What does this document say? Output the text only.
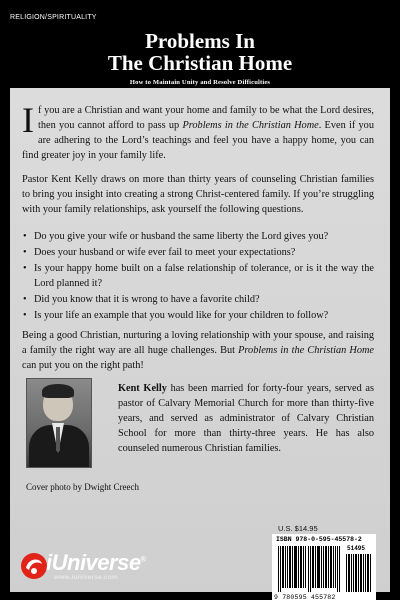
RELIGION/SPIRITUALITY
Problems In
The Christian Home
How to Maintain Unity and Resolve Difficulties
If you are a Christian and want your home and family to be what the Lord desires, then you cannot afford to pass up Problems in the Christian Home. Even if you are adhering to the Lord’s teachings and feel you have a happy home, you can find greater joy in your family life.
Pastor Kent Kelly draws on more than thirty years of counseling Christian families to bring you insight into creating a strong Christ-centered family. If you’re struggling with your family relationships, ask yourself the following questions.
• Do you give your wife or husband the same liberty the Lord gives you?
• Does your husband or wife ever fail to meet your expectations?
• Is your happy home built on a false relationship of tolerance, or is it the way the Lord planned it?
• Did you know that it is wrong to have a favorite child?
• Is your life an example that you would like for your children to follow?
Being a good Christian, nurturing a loving relationship with your spouse, and raising a family the right way are all huge challenges. But Problems in the Christian Home can put you on the right path!
Kent Kelly has been married for forty-four years, served as pastor of Calvary Memorial Church for more than thirty-five years, and served as administrator of Calvary Christian School for more than thirty-three years. He has also counseled numerous Christian families.
Cover photo by Dwight Creech
U.S. $14.95
ISBN 978-0-595-45578-2
51495
9 780595 455782
iUniverse®
www.iuniverse.com
